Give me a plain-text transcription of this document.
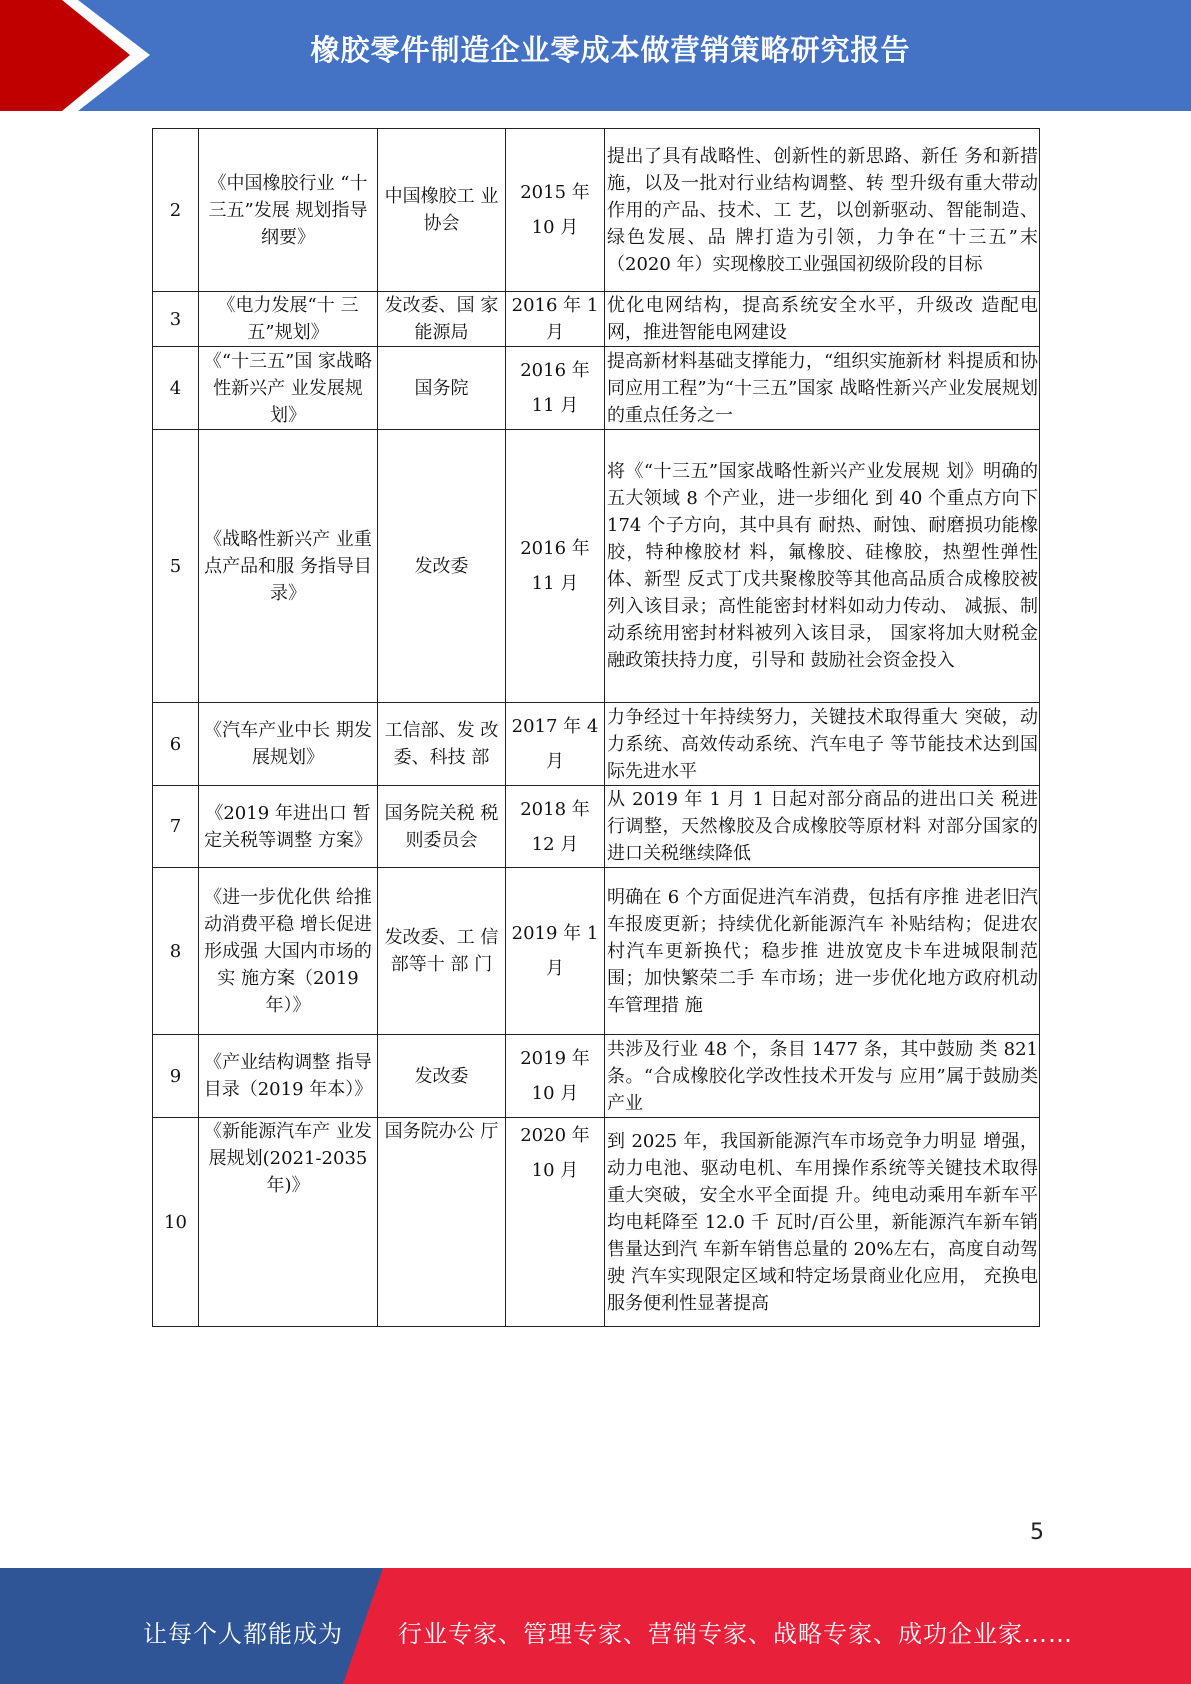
橡胶零件制造企业零成本做营销策略研究报告
2	《中国橡胶行业 “十三五”发展 规划指导纲要》	中国橡胶工 业协会	2015 年 10 月	提出了具有战略性、创新性的新思路、新任 务和新措施，以及一批对行业结构调整、转 型升级有重大带动作用的产品、技术、工 艺，以创新驱动、智能制造、绿色发展、品 牌打造为引领，力争在“十三五”末（2020 年）实现橡胶工业强国初级阶段的目标
3	《电力发展“十 三五”规划》	发改委、国 家能源局	2016 年 1 月	优化电网结构，提高系统安全水平，升级改 造配电网，推进智能电网建设
4	《“十三五”国 家战略性新兴产 业发展规划》	国务院	2016 年 11 月	提高新材料基础支撑能力，“组织实施新材 料提质和协同应用工程”为“十三五”国家 战略性新兴产业发展规划的重点任务之一
5	《战略性新兴产 业重点产品和服 务指导目录》	发改委	2016 年 11 月	将《“十三五”国家战略性新兴产业发展规 划》明确的五大领域 8 个产业，进一步细化 到 40 个重点方向下 174 个子方向，其中具有 耐热、耐蚀、耐磨损功能橡胶，特种橡胶材 料，氟橡胶、硅橡胶，热塑性弹性体、新型 反式丁戊共聚橡胶等其他高品质合成橡胶被 列入该目录；高性能密封材料如动力传动、 减振、制动系统用密封材料被列入该目录， 国家将加大财税金融政策扶持力度，引导和 鼓励社会资金投入
6	《汽车产业中长 期发展规划》	工信部、发 改委、科技 部	2017 年 4 月	力争经过十年持续努力，关键技术取得重大 突破，动力系统、高效传动系统、汽车电子 等节能技术达到国际先进水平
7	《2019 年进出口 暂定关税等调整 方案》	国务院关税 税则委员会	2018 年 12 月	从 2019 年 1 月 1 日起对部分商品的进出口关 税进行调整，天然橡胶及合成橡胶等原材料 对部分国家的进口关税继续降低
8	《进一步优化供 给推动消费平稳 增长促进形成强 大国内市场的实 施方案（2019 年）》	发改委、工 信部等十 部 门	2019 年 1 月	明确在 6 个方面促进汽车消费，包括有序推 进老旧汽车报废更新；持续优化新能源汽车 补贴结构；促进农村汽车更新换代；稳步推 进放宽皮卡车进城限制范围；加快繁荣二手 车市场；进一步优化地方政府机动车管理措 施
9	《产业结构调整 指导目录（2019 年本）》	发改委	2019 年 10 月	共涉及行业 48 个，条目 1477 条，其中鼓励 类 821 条。“合成橡胶化学改性技术开发与 应用”属于鼓励类产业
10	《新能源汽车产 业发展规划(2021-2035 年)》	国务院办公 厅	2020 年 10 月	到 2025 年，我国新能源汽车市场竞争力明显 增强，动力电池、驱动电机、车用操作系统等关键技术取得重大突破，安全水平全面提 升。纯电动乘用车新车平均电耗降至 12.0 千 瓦时/百公里，新能源汽车新车销售量达到汽 车新车销售总量的 20%左右，高度自动驾驶 汽车实现限定区域和特定场景商业化应用， 充换电服务便利性显著提高
5
让每个人都能成为 行业专家、管理专家、营销专家、战略专家、成功企业家……
